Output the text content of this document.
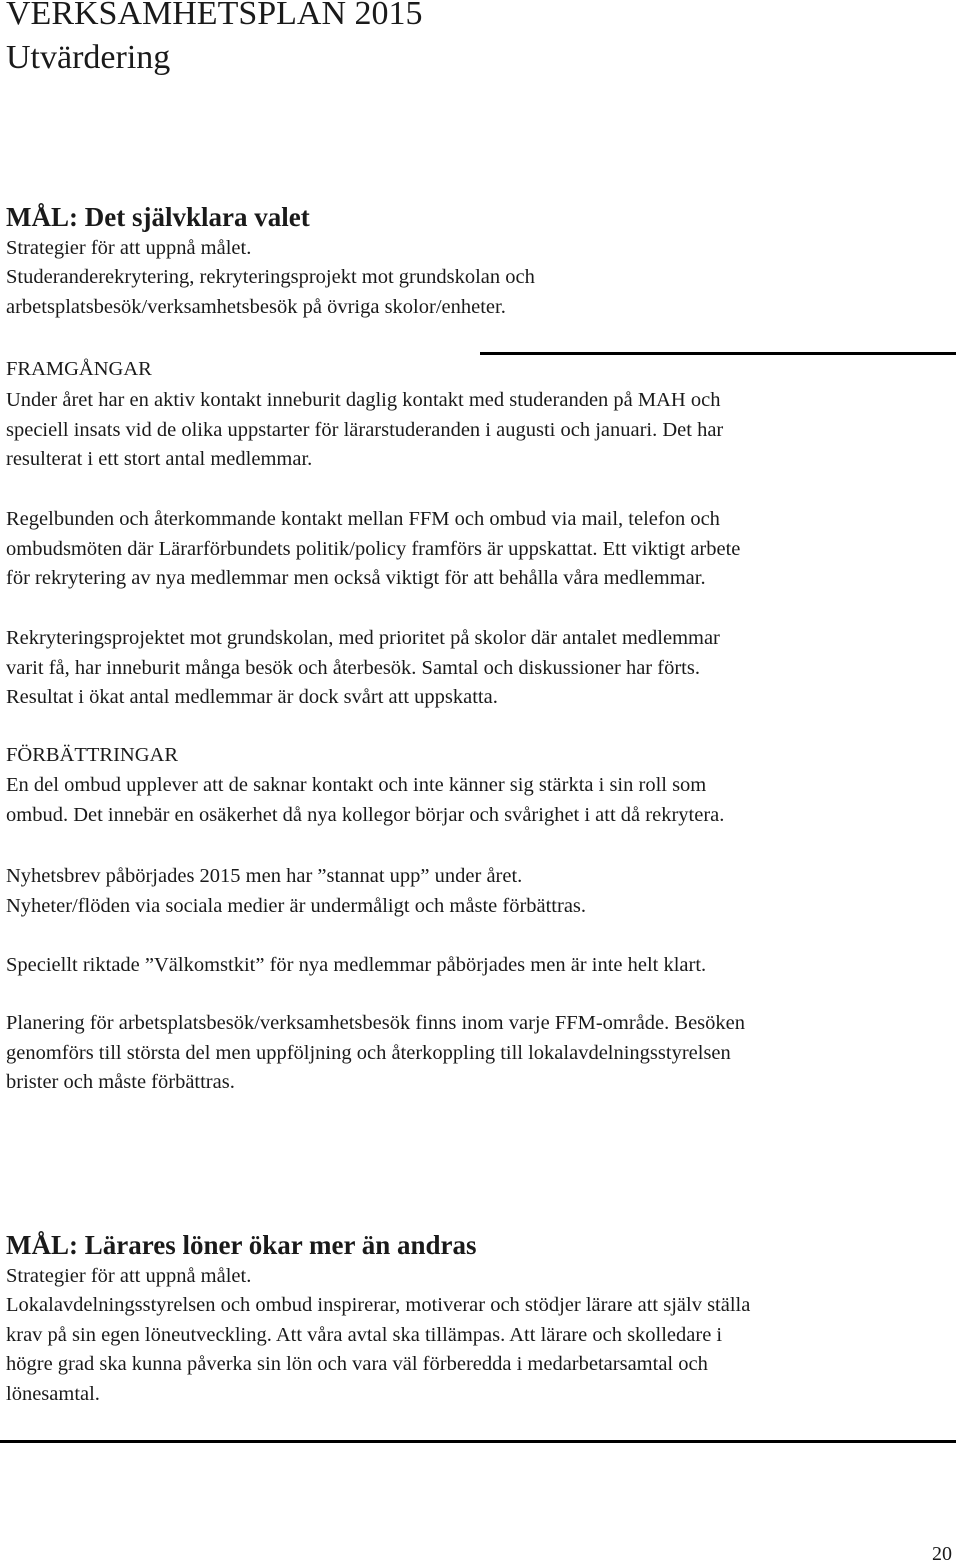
VERKSAMHETSPLAN 2015
Utvärdering
MÅL: Det självklara valet
Strategier för att uppnå målet.

Studeranderekrytering, rekryteringsprojekt mot grundskolan och

arbetsplatsbesök/verksamhetsbesök på övriga skolor/enheter.

FRAMGÅNGAR

Under året har en aktiv kontakt inneburit daglig kontakt med studeranden på MAH och

speciell insats vid de olika uppstarter för lärarstuderanden i augusti och januari. Det har

resulterat i ett stort antal medlemmar.

Regelbunden och återkommande kontakt mellan FFM och ombud via mail, telefon och

ombudsmöten där Lärarförbundets politik/policy framförs är uppskattat. Ett viktigt arbete

för rekrytering av nya medlemmar men också viktigt för att behålla våra medlemmar.

Rekryteringsprojektet mot grundskolan, med prioritet på skolor där antalet medlemmar

varit få, har inneburit många besök och återbesök. Samtal och diskussioner har förts.

Resultat i ökat antal medlemmar är dock svårt att uppskatta.

FÖRBÄTTRINGAR

En del ombud upplever att de saknar kontakt och inte känner sig stärkta i sin roll som

ombud. Det innebär en osäkerhet då nya kollegor börjar och svårighet i att då rekrytera.

Nyhetsbrev påbörjades 2015 men har ”stannat upp” under året.

Nyheter/flöden via sociala medier är undermåligt och måste förbättras.

Speciellt riktade ”Välkomstkit” för nya medlemmar påbörjades men är inte helt klart.

Planering för arbetsplatsbesök/verksamhetsbesök finns inom varje FFM-område. Besöken

genomförs till största del men uppföljning och återkoppling till lokalavdelningsstyrelsen

brister och måste förbättras.

MÅL: Lärares löner ökar mer än andras
Strategier för att uppnå målet.

Lokalavdelningsstyrelsen och ombud inspirerar, motiverar och stödjer lärare att själv ställa

krav på sin egen löneutveckling. Att våra avtal ska tillämpas. Att lärare och skolledare i

högre grad ska kunna påverka sin lön och vara väl förberedda i medarbetarsamtal och

lönesamtal.

20
